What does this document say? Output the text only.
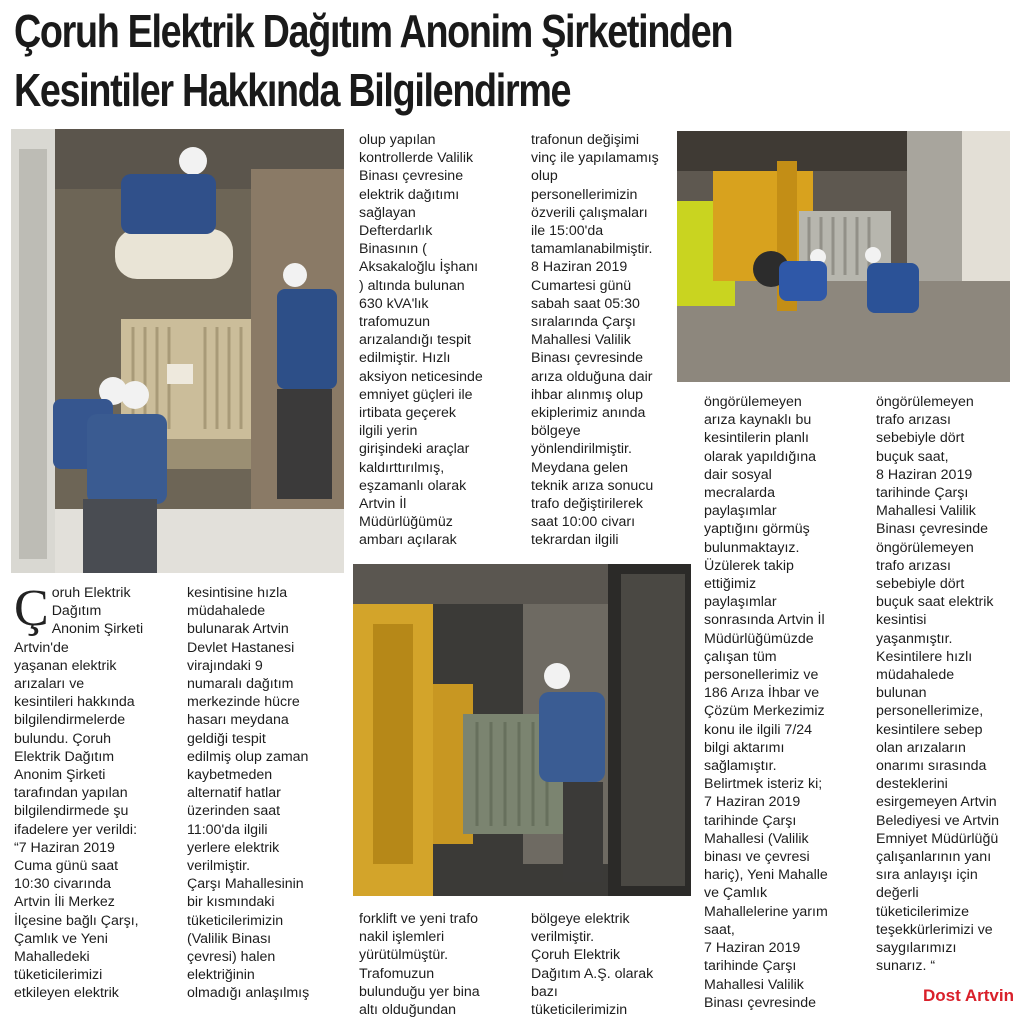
Çoruh Elektrik Dağıtım Anonim Şirketinden
Kesintiler Hakkında Bilgilendirme
Ç oruh Elektrik
Dağıtım
Anonim Şirketi
Artvin'de
yaşanan elektrik
arızaları ve
kesintileri hakkında
bilgilendirmelerde
bulundu. Çoruh
Elektrik Dağıtım
Anonim Şirketi
tarafından yapılan
bilgilendirmede şu
ifadelere yer verildi:
“7 Haziran 2019
Cuma günü saat
10:30 civarında
Artvin İli Merkez
İlçesine bağlı Çarşı,
Çamlık ve Yeni
Mahalledeki
tüketicilerimizi
etkileyen elektrik
kesintisine hızla
müdahalede
bulunarak Artvin
Devlet Hastanesi
virajındaki 9
numaralı dağıtım
merkezinde hücre
hasarı meydana
geldiği tespit
edilmiş olup zaman
kaybetmeden
alternatif hatlar
üzerinden saat
11:00'da ilgili
yerlere elektrik
verilmiştir.
Çarşı Mahallesinin
bir kısmındaki
tüketicilerimizin
(Valilik Binası
çevresi) halen
elektriğinin
olmadığı anlaşılmış
olup yapılan
kontrollerde Valilik
Binası çevresine
elektrik dağıtımı
sağlayan
Defterdarlık
Binasının (
Aksakaloğlu İşhanı
) altında bulunan
630 kVA'lık
trafomuzun
arızalandığı tespit
edilmiştir. Hızlı
aksiyon neticesinde
emniyet güçleri ile
irtibata geçerek
ilgili yerin
girişindeki araçlar
kaldırttırılmış,
eşzamanlı olarak
Artvin İl
Müdürlüğümüz
ambarı açılarak
trafonun değişimi
vinç ile yapılamamış
olup
personellerimizin
özverili çalışmaları
ile 15:00'da
tamamlanabilmiştir.
8 Haziran 2019
Cumartesi günü
sabah saat 05:30
sıralarında Çarşı
Mahallesi Valilik
Binası çevresinde
arıza olduğuna dair
ihbar alınmış olup
ekiplerimiz anında
bölgeye
yönlendirilmiştir.
Meydana gelen
teknik arıza sonucu
trafo değiştirilerek
saat 10:00 civarı
tekrardan ilgili
forklift ve yeni trafo
nakil işlemleri
yürütülmüştür.
Trafomuzun
bulunduğu yer bina
altı olduğundan
bölgeye elektrik
verilmiştir.
Çoruh Elektrik
Dağıtım A.Ş. olarak
bazı
tüketicilerimizin
öngörülemeyen
arıza kaynaklı bu
kesintilerin planlı
olarak yapıldığına
dair sosyal
mecralarda
paylaşımlar
yaptığını görmüş
bulunmaktayız.
Üzülerek takip
ettiğimiz
paylaşımlar
sonrasında Artvin İl
Müdürlüğümüzde
çalışan tüm
personellerimiz ve
186 Arıza İhbar ve
Çözüm Merkezimiz
konu ile ilgili 7/24
bilgi aktarımı
sağlamıştır.
Belirtmek isteriz ki;
7 Haziran 2019
tarihinde Çarşı
Mahallesi (Valilik
binası ve çevresi
hariç), Yeni Mahalle
ve Çamlık
Mahallelerine yarım
saat,
7 Haziran 2019
tarihinde Çarşı
Mahallesi Valilik
Binası çevresinde
öngörülemeyen
trafo arızası
sebebiyle dört
buçuk saat,
8 Haziran 2019
tarihinde Çarşı
Mahallesi Valilik
Binası çevresinde
öngörülemeyen
trafo arızası
sebebiyle dört
buçuk saat elektrik
kesintisi
yaşanmıştır.
Kesintilere hızlı
müdahalede
bulunan
personellerimize,
kesintilere sebep
olan arızaların
onarımı sırasında
desteklerini
esirgemeyen Artvin
Belediyesi ve Artvin
Emniyet Müdürlüğü
çalışanlarının yanı
sıra anlayışı için
değerli
tüketicilerimize
teşekkürlerimizi ve
saygılarımızı
sunarız. “
Dost Artvin
